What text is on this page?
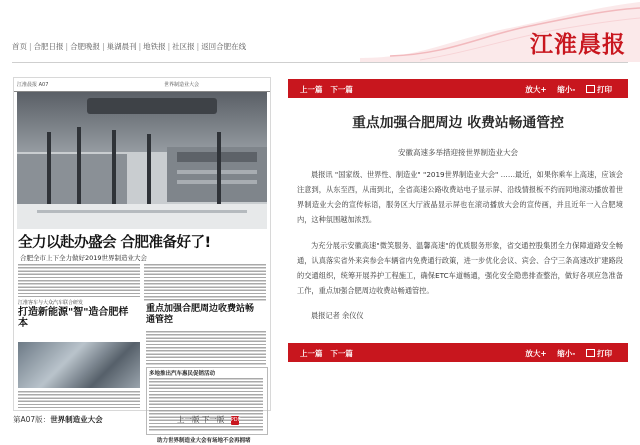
首页 | 合肥日报 | 合肥晚报 | 巢湖晨刊 | 地铁报 | 社区报 | 返回合肥在线	江淮晨报
江淮晨报 A07	世界制造业大会
全力以赴办盛会 合肥准备好了!
合肥全市上下全力做好2019世界制造业大会
江淮客车与大众汽车联合研发
打造新能源"智"造合肥样本
重点加强合肥周边收费站畅通管控
多地推出汽车惠民促销活动
助力世界制造业大会有场地不会再拥堵
第A07版：世界制造业大会	上一版 下一版 PDF
上一篇 下一篇	放大+ 缩小-	打印
重点加强合肥周边 收费站畅通管控
安徽高速多举措迎接世界制造业大会

晨报讯 "国家级、世界性、制造业" "2019世界制造业大会" ……最近，如果你乘车上高速，应该会注意到，从东至西，从南到北，全省高速公路收费站电子显示屏、沿线情报板不约而同地滚动播放着世界制造业大会的宣传标语，服务区大厅液晶显示屏也在滚动播放大会的宣传画，并且近年一入合肥境内，这种氛围越加浓烈。

为充分展示安徽高速"微笑服务、温馨高速"的优质服务形象，省交通控股集团全力保障道路安全畅通，认真落实省外来宾参会车辆省内免费通行政策，进一步优化会议、宾会、合宁三条高速改扩建路段的交通组织，统筹开展养护工程施工，确保ETC车道畅通，强化安全隐患排查整治，做好各项应急准备工作，重点加强合肥周边收费站畅通管控。

晨报记者 余仪仪
上一篇 下一篇	放大+ 缩小-	打印
